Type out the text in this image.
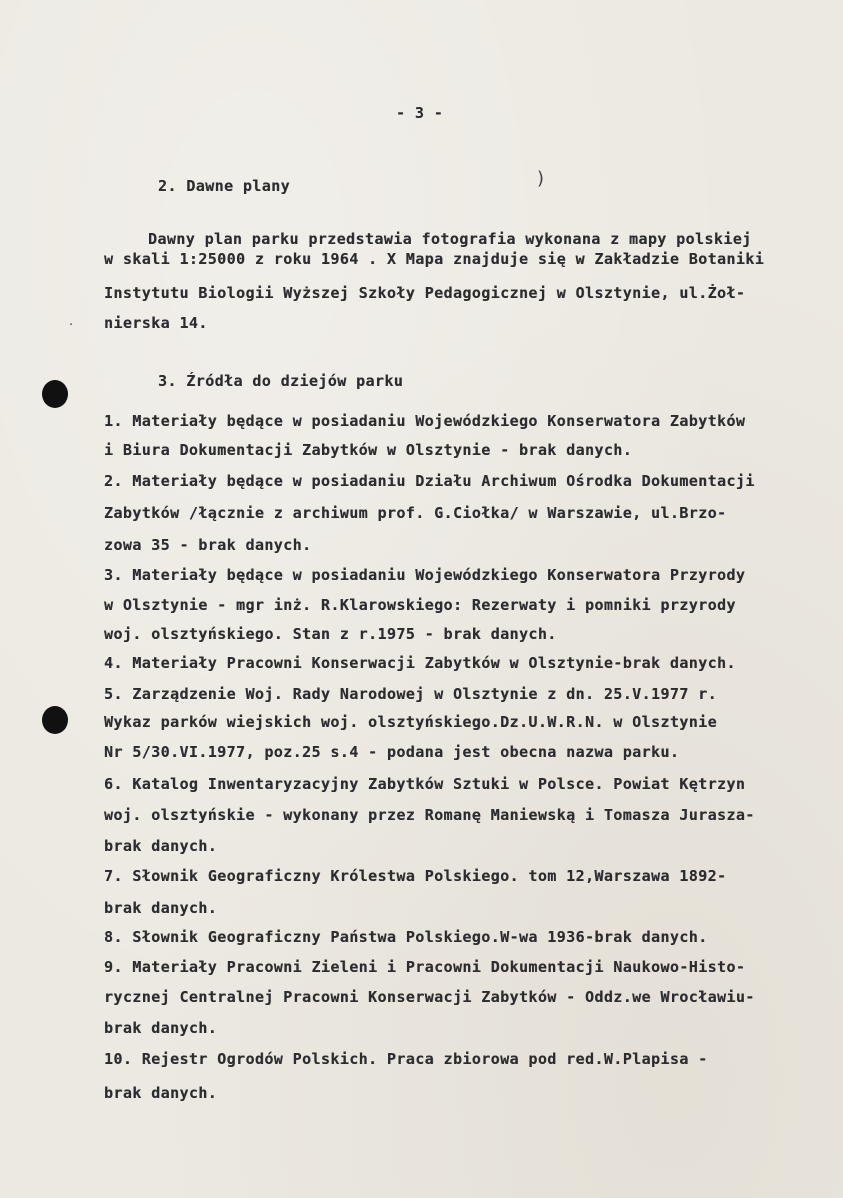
)
·
- 3 -
2. Dawne plany
Dawny plan parku przedstawia fotografia wykonana z mapy polskiej
w skali 1:25000 z roku 1964 . X Mapa znajduje się w Zakładzie Botaniki
Instytutu Biologii Wyższej Szkoły Pedagogicznej w Olsztynie, ul.Żoł-
nierska 14.
3. Źródła do dziejów parku
1. Materiały będące w posiadaniu Wojewódzkiego Konserwatora Zabytków
i Biura Dokumentacji Zabytków w Olsztynie - brak danych.
2. Materiały będące w posiadaniu Działu Archiwum Ośrodka Dokumentacji
Zabytków /łącznie z archiwum prof. G.Ciołka/ w Warszawie, ul.Brzo-
zowa 35 - brak danych.
3. Materiały będące w posiadaniu Wojewódzkiego Konserwatora Przyrody
w Olsztynie - mgr inż. R.Klarowskiego: Rezerwaty i pomniki przyrody
woj. olsztyńskiego. Stan z r.1975 - brak danych.
4. Materiały Pracowni Konserwacji Zabytków w Olsztynie-brak danych.
5. Zarządzenie Woj. Rady Narodowej w Olsztynie z dn. 25.V.1977 r.
Wykaz parków wiejskich woj. olsztyńskiego.Dz.U.W.R.N. w Olsztynie
Nr 5/30.VI.1977, poz.25 s.4 - podana jest obecna nazwa parku.
6. Katalog Inwentaryzacyjny Zabytków Sztuki w Polsce. Powiat Kętrzyn
woj. olsztyńskie - wykonany przez Romanę Maniewską i Tomasza Jurasza-
brak danych.
7. Słownik Geograficzny Królestwa Polskiego. tom 12,Warszawa 1892-
brak danych.
8. Słownik Geograficzny Państwa Polskiego.W-wa 1936-brak danych.
9. Materiały Pracowni Zieleni i Pracowni Dokumentacji Naukowo-Histo-
rycznej Centralnej Pracowni Konserwacji Zabytków - Oddz.we Wrocławiu-
brak danych.
10. Rejestr Ogrodów Polskich. Praca zbiorowa pod red.W.Plapisa -
brak danych.
